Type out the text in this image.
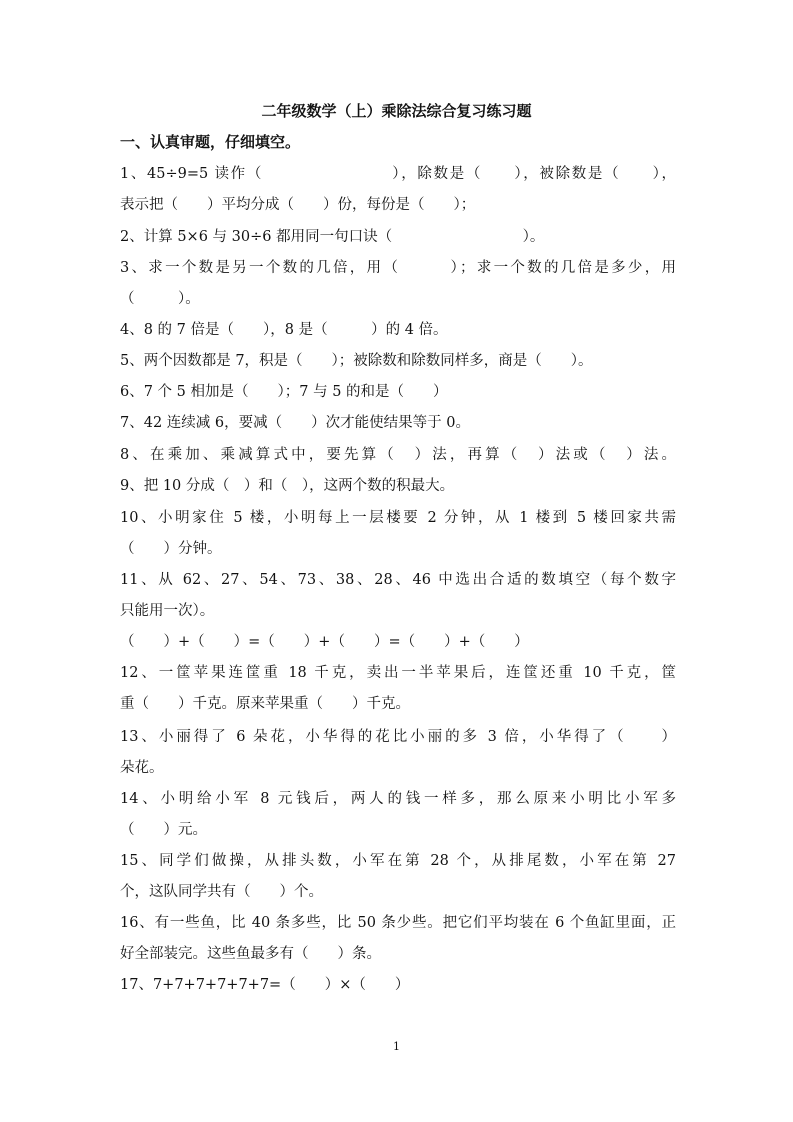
二年级数学（上）乘除法综合复习练习题
一、认真审题，仔细填空。
1、45÷9=5 读作（　　　　　　　　），除数是（　　），被除数是（　　），
表示把（　　）平均分成（　　）份，每份是（　　）；
2、计算 5×6 与 30÷6 都用同一句口诀（　　　　　　　　　）。
3、求一个数是另一个数的几倍，用（　　　）；求一个数的几倍是多少，用
（　　　）。
4、8 的 7 倍是（　　），8 是（　　　）的 4 倍。
5、两个因数都是 7，积是（　　）；被除数和除数同样多，商是（　　）。
6、7 个 5 相加是（　　）；7 与 5 的和是（　　）
7、42 连续减 6，要减（　　）次才能使结果等于 0。
8、在乘加、乘减算式中，要先算（　）法，再算（　）法或（　）法。
9、把 10 分成（　）和（　），这两个数的积最大。
10、小明家住 5 楼，小明每上一层楼要 2 分钟，从 1 楼到 5 楼回家共需
（　　）分钟。
11、从 62、27、54、73、38、28、46 中选出合适的数填空（每个数字
只能用一次）。
（　　）+（　　）=（　　）+（　　）=（　　）+（　　）
12、一筐苹果连筐重 18 千克，卖出一半苹果后，连筐还重 10 千克，筐
重（　　）千克。原来苹果重（　　）千克。
13、小丽得了 6 朵花，小华得的花比小丽的多 3 倍，小华得了（　　）
朵花。
14、小明给小军 8 元钱后，两人的钱一样多，那么原来小明比小军多
（　　）元。
15、同学们做操，从排头数，小军在第 28 个，从排尾数，小军在第 27
个，这队同学共有（　　）个。
16、有一些鱼，比 40 条多些，比 50 条少些。把它们平均装在 6 个鱼缸里面，正
好全部装完。这些鱼最多有（　　）条。
17、7+7+7+7+7+7=（　　）×（　　）
1
